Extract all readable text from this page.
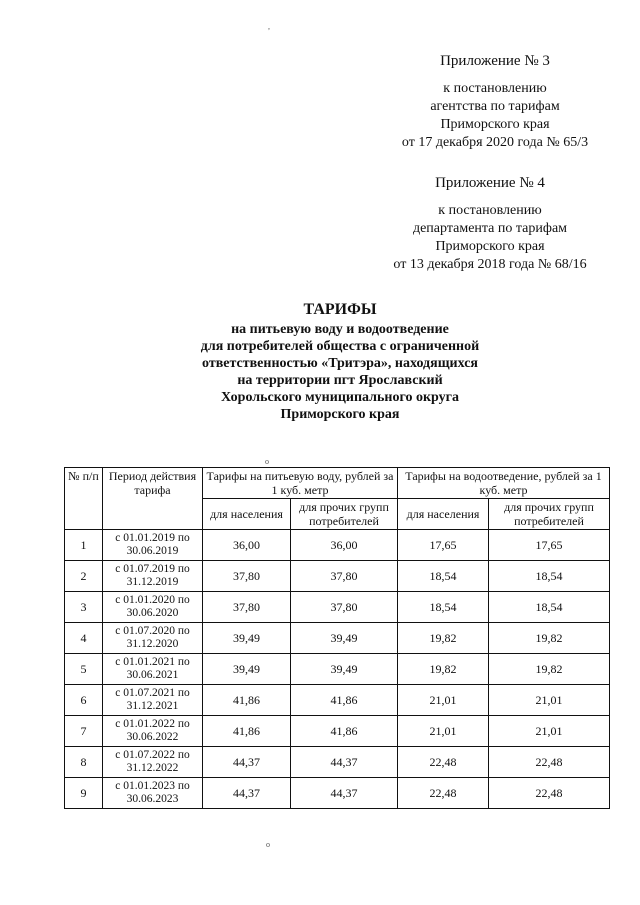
,
Приложение № 3
к постановлению
агентства по тарифам
Приморского края
от 17 декабря 2020 года № 65/3
Приложение № 4
к постановлению
департамента по тарифам
Приморского края
от 13 декабря 2018 года № 68/16
ТАРИФЫ
на питьевую воду и водоотведение
для потребителей общества с ограниченной
ответственностью «Тритэра», находящихся
на территории пгт Ярославский
Хорольского муниципального округа
Приморского края
o
№ п/п	Период действия тарифа	Тарифы на питьевую воду, рублей за 1 куб. метр		Тарифы на водоотведение, рублей за 1 куб. метр	
		для населения	для прочих групп потребителей	для населения	для прочих групп потребителей
1	с 01.01.2019 по 30.06.2019	36,00	36,00	17,65	17,65
2	с 01.07.2019 по 31.12.2019	37,80	37,80	18,54	18,54
3	с 01.01.2020 по 30.06.2020	37,80	37,80	18,54	18,54
4	с 01.07.2020 по 31.12.2020	39,49	39,49	19,82	19,82
5	с 01.01.2021 по 30.06.2021	39,49	39,49	19,82	19,82
6	с 01.07.2021 по 31.12.2021	41,86	41,86	21,01	21,01
7	с 01.01.2022 по 30.06.2022	41,86	41,86	21,01	21,01
8	с 01.07.2022 по 31.12.2022	44,37	44,37	22,48	22,48
9	с 01.01.2023 по 30.06.2023	44,37	44,37	22,48	22,48
o
